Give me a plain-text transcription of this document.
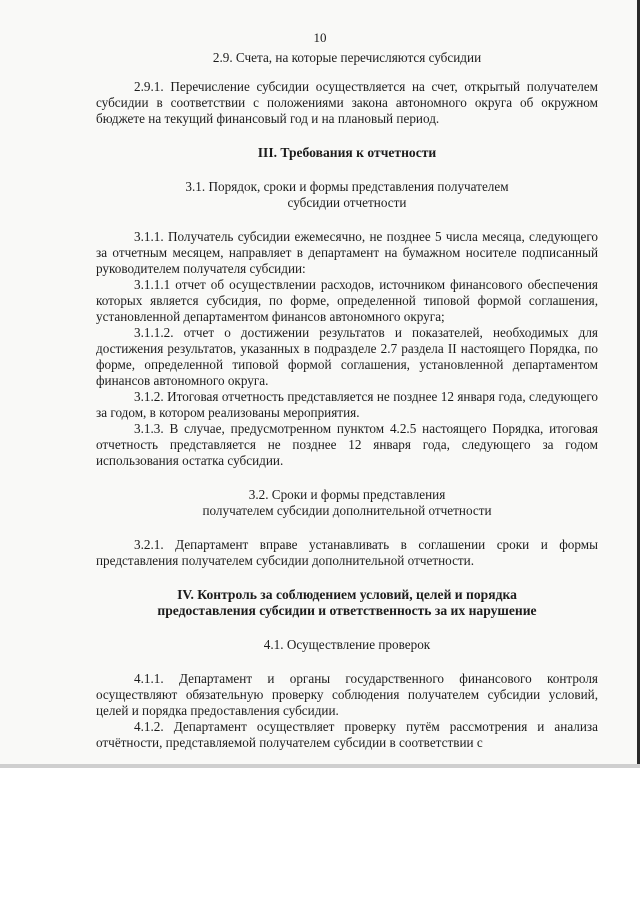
10

2.9. Счета, на которые перечисляются субсидии

2.9.1. Перечисление субсидии осуществляется на счет, открытый получателем субсидии в соответствии с положениями закона автономного округа об окружном бюджете на текущий финансовый год и на плановый период.

III. Требования к отчетности

3.1. Порядок, сроки и формы представления получателем

субсидии отчетности

3.1.1. Получатель субсидии ежемесячно, не позднее 5 числа месяца, следующего за отчетным месяцем, направляет в департамент на бумажном носителе подписанный руководителем получателя субсидии:

3.1.1.1 отчет об осуществлении расходов, источником финансового обеспечения которых является субсидия, по форме, определенной типовой формой соглашения, установленной департаментом финансов автономного округа;

3.1.1.2. отчет о достижении результатов и показателей, необходимых для достижения результатов, указанных в подразделе 2.7 раздела II настоящего Порядка, по форме, определенной типовой формой соглашения, установленной департаментом финансов автономного округа.

3.1.2. Итоговая отчетность представляется не позднее 12 января года, следующего за годом, в котором реализованы мероприятия.

3.1.3. В случае, предусмотренном пунктом 4.2.5 настоящего Порядка, итоговая отчетность представляется не позднее 12 января года, следующего за годом использования остатка субсидии.

3.2. Сроки и формы представления

получателем субсидии дополнительной отчетности

3.2.1. Департамент вправе устанавливать в соглашении сроки и формы представления получателем субсидии дополнительной отчетности.

IV. Контроль за соблюдением условий, целей и порядка

предоставления субсидии и ответственность за их нарушение

4.1. Осуществление проверок

4.1.1. Департамент и органы государственного финансового контроля осуществляют обязательную проверку соблюдения получателем субсидии условий, целей и порядка предоставления субсидии.

4.1.2. Департамент осуществляет проверку путём рассмотрения и анализа отчётности, представляемой получателем субсидии в соответствии с
